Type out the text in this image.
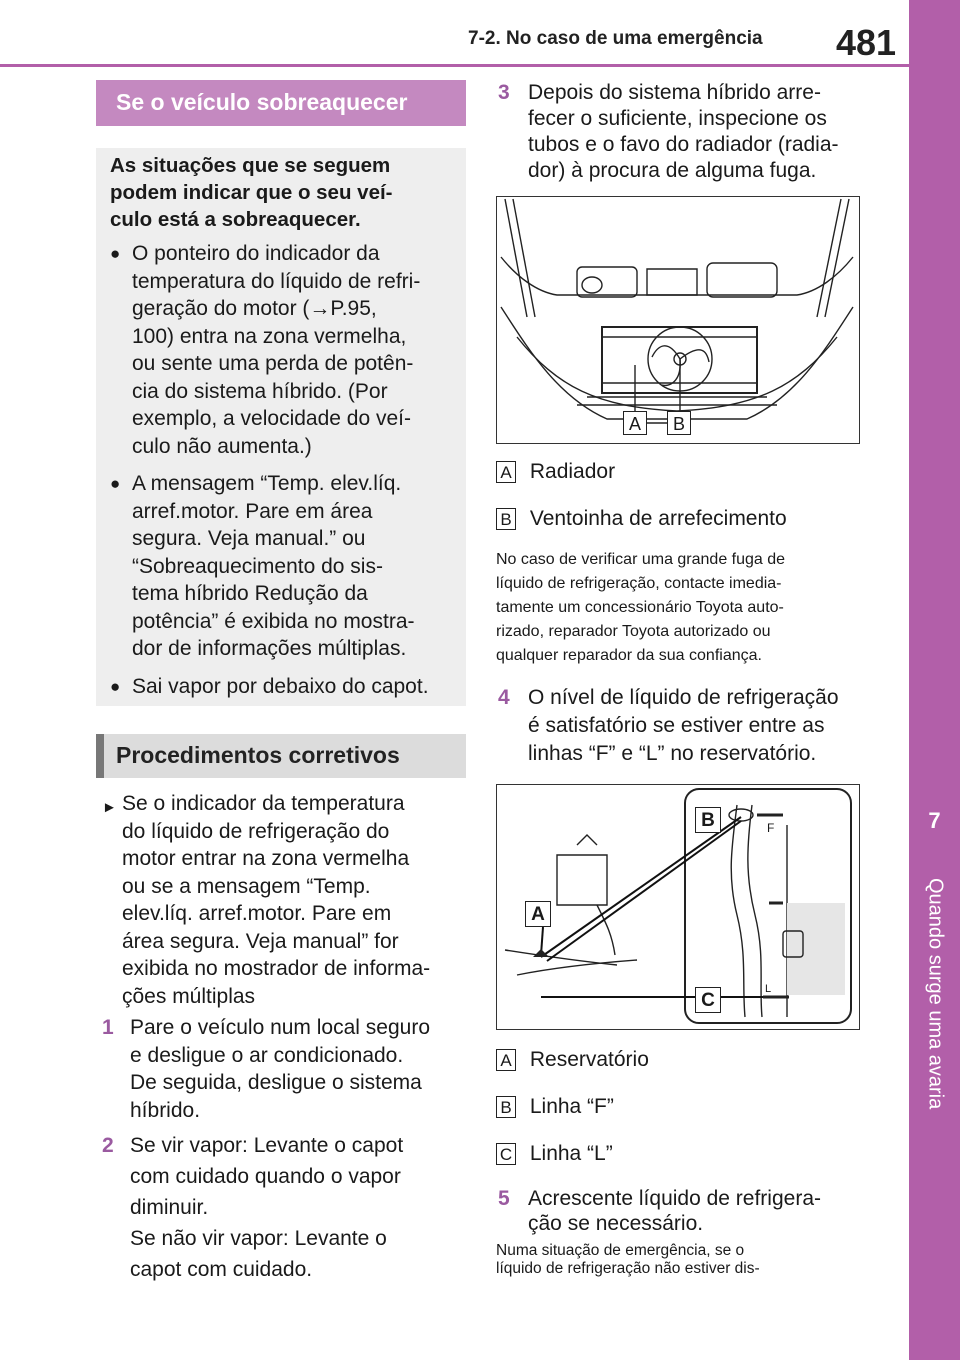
7-2. No caso de uma emergência 481
7
Quando surge uma avaria
Se o veículo sobreaquecer
As situações que se seguem
podem indicar que o seu veí-
culo está a sobreaquecer.
● O ponteiro do indicador da
temperatura do líquido de refri-
geração do motor (→P.95,
100) entra na zona vermelha,
ou sente uma perda de potên-
cia do sistema híbrido. (Por
exemplo, a velocidade do veí-
culo não aumenta.)
● A mensagem “Temp. elev.líq.
arref.motor. Pare em área
segura. Veja manual.” ou
“Sobreaquecimento do sis-
tema híbrido Redução da
potência” é exibida no mostra-
dor de informações múltiplas.
● Sai vapor por debaixo do capot.
Procedimentos corretivos
► Se o indicador da temperatura
do líquido de refrigeração do
motor entrar na zona vermelha
ou se a mensagem “Temp.
elev.líq. arref.motor. Pare em
área segura. Veja manual” for
exibida no mostrador de informa-
ções múltiplas
1 Pare o veículo num local seguro
e desligue o ar condicionado.
De seguida, desligue o sistema
híbrido.
2 Se vir vapor: Levante o capot
com cuidado quando o vapor
diminuir.
Se não vir vapor: Levante o
capot com cuidado.
3 Depois do sistema híbrido arre-
fecer o suficiente, inspecione os
tubos e o favo do radiador (radia-
dor) à procura de alguma fuga.
A	B
A Radiador
B Ventoinha de arrefecimento
No caso de verificar uma grande fuga de
líquido de refrigeração, contacte imedia-
tamente um concessionário Toyota auto-
rizado, reparador Toyota autorizado ou
qualquer reparador da sua confiança.
4 O nível de líquido de refrigeração
é satisfatório se estiver entre as
linhas “F” e “L” no reservatório.
B	F
A
L
C
A Reservatório
B Linha “F”
C Linha “L”
5 Acrescente líquido de refrigera-
ção se necessário.
Numa situação de emergência, se o
líquido de refrigeração não estiver dis-
